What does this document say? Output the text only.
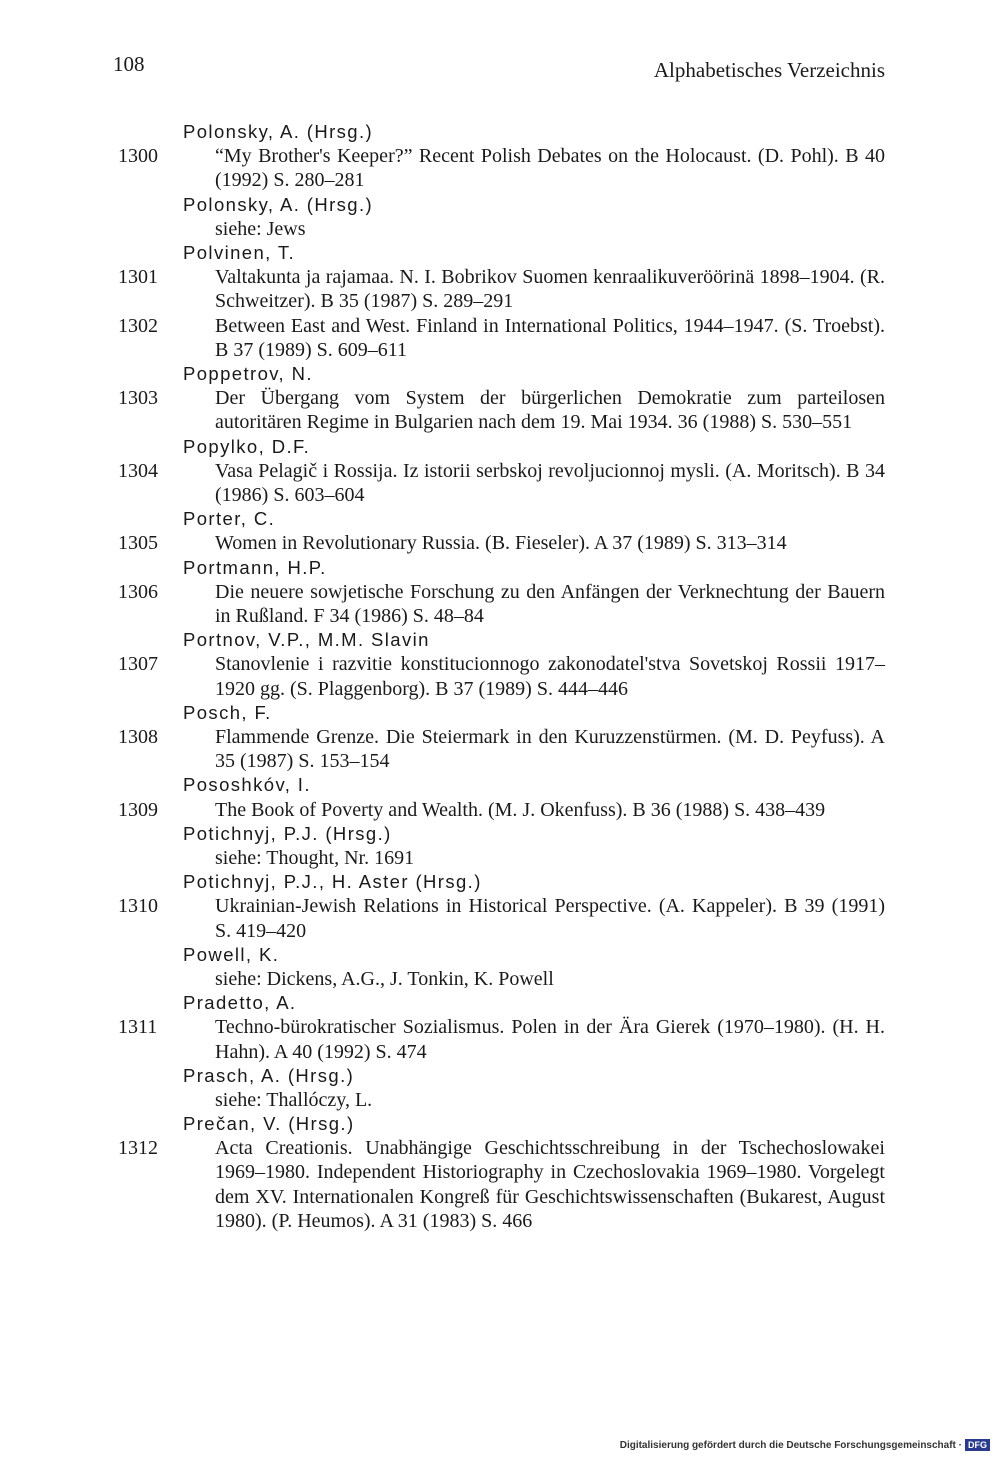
108	Alphabetisches Verzeichnis
Polonsky, A. (Hrsg.)
1300	“My Brother's Keeper?” Recent Polish Debates on the Holocaust. (D. Pohl). B 40 (1992) S. 280–281
Polonsky, A. (Hrsg.)
siehe: Jews
Polvinen, T.
1301	Valtakunta ja rajamaa. N. I. Bobrikov Suomen kenraalikuveröörinä 1898–1904. (R. Schweitzer). B 35 (1987) S. 289–291
1302	Between East and West. Finland in International Politics, 1944–1947. (S. Troebst). B 37 (1989) S. 609–611
Poppetrov, N.
1303	Der Übergang vom System der bürgerlichen Demokratie zum parteilosen autoritären Regime in Bulgarien nach dem 19. Mai 1934. 36 (1988) S. 530–551
Popylko, D.F.
1304	Vasa Pelagič i Rossija. Iz istorii serbskoj revoljucionnoj mysli. (A. Moritsch). B 34 (1986) S. 603–604
Porter, C.
1305	Women in Revolutionary Russia. (B. Fieseler). A 37 (1989) S. 313–314
Portmann, H.P.
1306	Die neuere sowjetische Forschung zu den Anfängen der Verknechtung der Bauern in Rußland. F 34 (1986) S. 48–84
Portnov, V.P., M.M. Slavin
1307	Stanovlenie i razvitie konstitucionnogo zakonodatel'stva Sovetskoj Rossii 1917–1920 gg. (S. Plaggenborg). B 37 (1989) S. 444–446
Posch, F.
1308	Flammende Grenze. Die Steiermark in den Kuruzzenstürmen. (M. D. Peyfuss). A 35 (1987) S. 153–154
Pososhkóv, I.
1309	The Book of Poverty and Wealth. (M. J. Okenfuss). B 36 (1988) S. 438–439
Potichnyj, P.J. (Hrsg.)
siehe: Thought, Nr. 1691
Potichnyj, P.J., H. Aster (Hrsg.)
1310	Ukrainian-Jewish Relations in Historical Perspective. (A. Kappeler). B 39 (1991) S. 419–420
Powell, K.
siehe: Dickens, A.G., J. Tonkin, K. Powell
Pradetto, A.
1311	Techno-bürokratischer Sozialismus. Polen in der Ära Gierek (1970–1980). (H. H. Hahn). A 40 (1992) S. 474
Prasch, A. (Hrsg.)
siehe: Thallóczy, L.
Prečan, V. (Hrsg.)
1312	Acta Creationis. Unabhängige Geschichtsschreibung in der Tschechoslowakei 1969–1980. Independent Historiography in Czechoslovakia 1969–1980. Vorgelegt dem XV. Internationalen Kongreß für Geschichtswissenschaften (Bukarest, August 1980). (P. Heumos). A 31 (1983) S. 466
Digitalisierung gefördert durch die Deutsche Forschungsgemeinschaft · DFG
